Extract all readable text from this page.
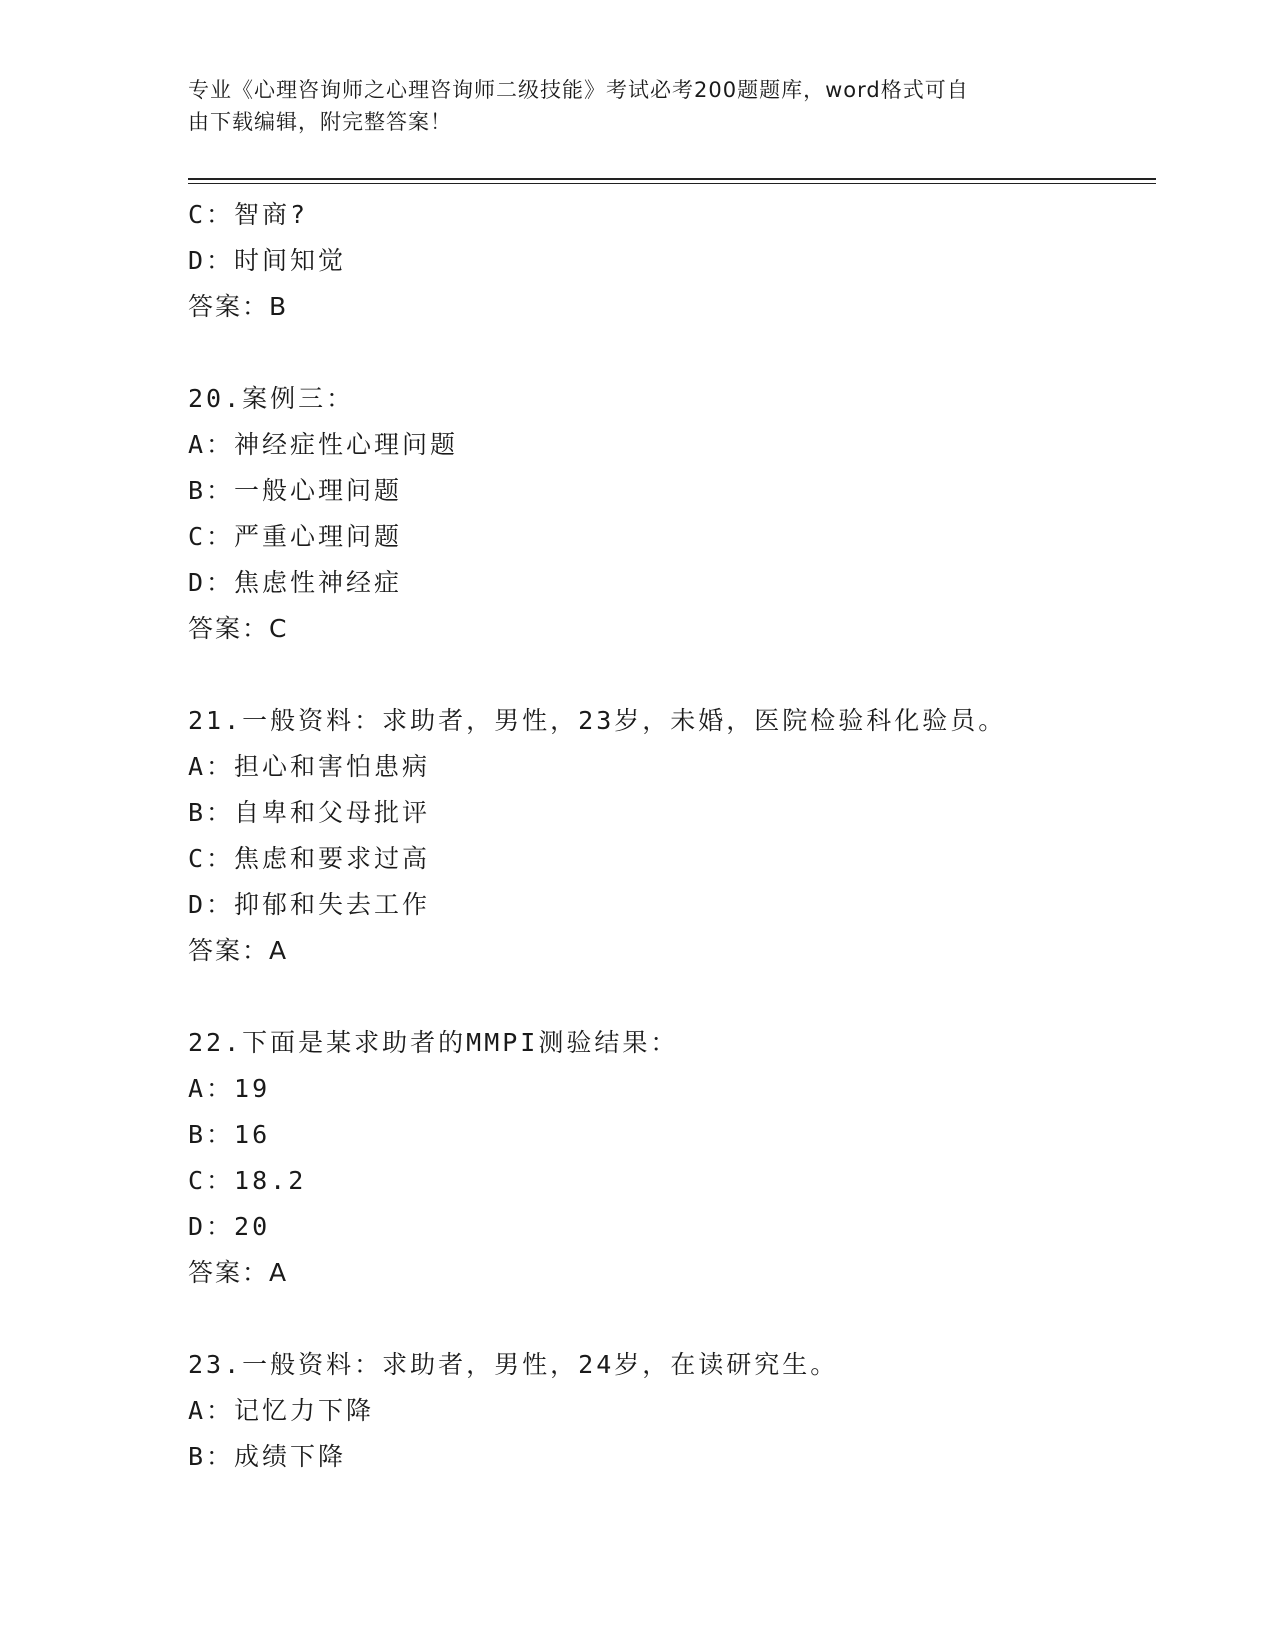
专业《心理咨询师之心理咨询师二级技能》考试必考200题题库，word格式可自
由下载编辑，附完整答案！
C：智商?
D：时间知觉
答案：B
20.案例三：
A：神经症性心理问题
B：一般心理问题
C：严重心理问题
D：焦虑性神经症
答案：C
21.一般资料：求助者，男性，23岁，未婚，医院检验科化验员。
A：担心和害怕患病
B：自卑和父母批评
C：焦虑和要求过高
D：抑郁和失去工作
答案：A
22.下面是某求助者的MMPI测验结果：
A：19
B：16
C：18.2
D：20
答案：A
23.一般资料：求助者，男性，24岁，在读研究生。
A：记忆力下降
B：成绩下降
